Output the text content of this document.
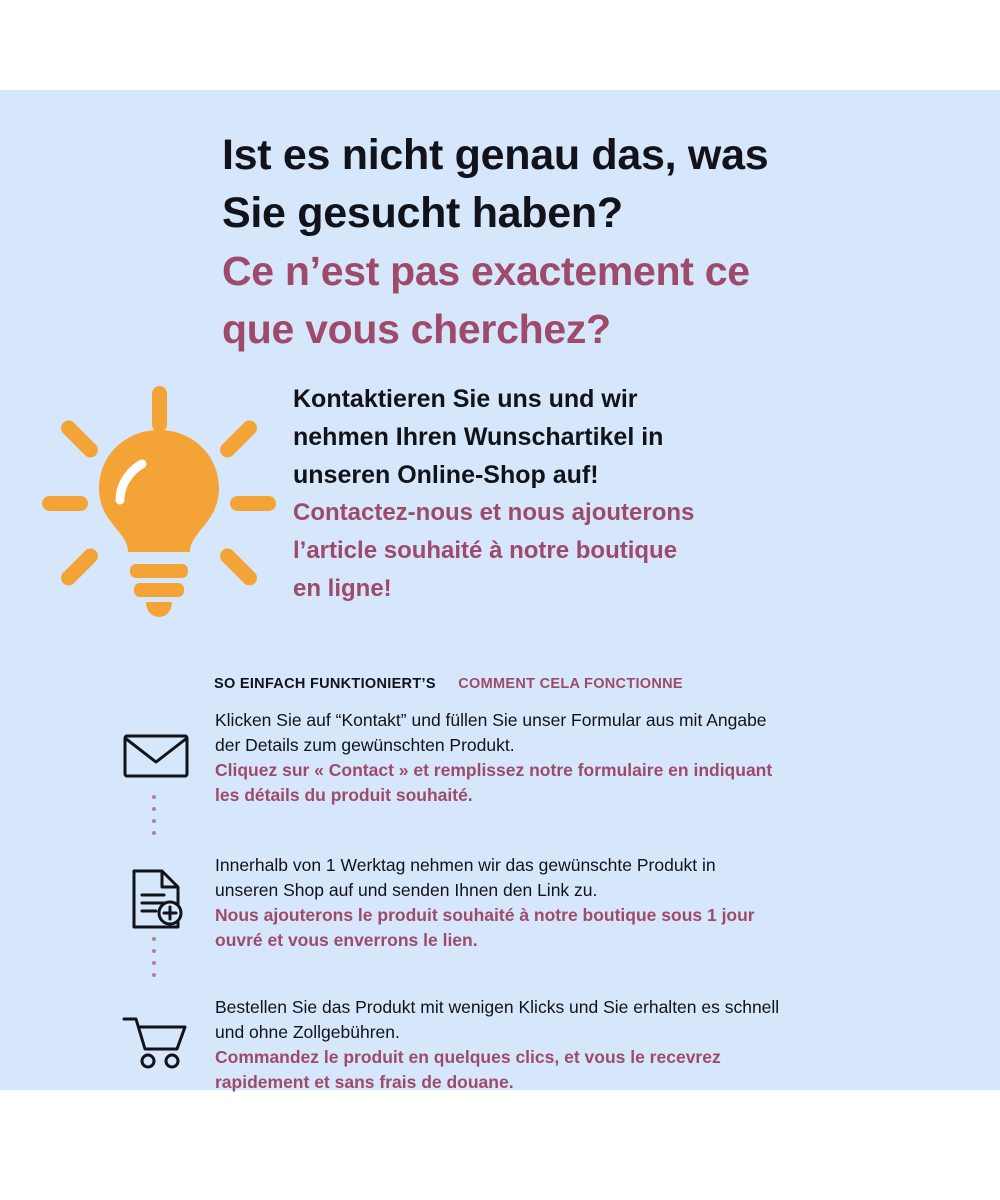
Ist es nicht genau das, was

Sie gesucht haben?

Ce n’est pas exactement ce

que vous cherchez?

Kontaktieren Sie uns und wir

nehmen Ihren Wunschartikel in

unseren Online-Shop auf!

Contactez-nous et nous ajouterons

l’article souhaité à notre boutique

en ligne!

SO EINFACH FUNKTIONIERT’S COMMENT CELA FONCTIONNE

Klicken Sie auf “Kontakt” und füllen Sie unser Formular aus mit Angabe

der Details zum gewünschten Produkt.

Cliquez sur « Contact » et remplissez notre formulaire en indiquant

les détails du produit souhaité.

Innerhalb von 1 Werktag nehmen wir das gewünschte Produkt in

unseren Shop auf und senden Ihnen den Link zu.

Nous ajouterons le produit souhaité à notre boutique sous 1 jour

ouvré et vous enverrons le lien.

Bestellen Sie das Produkt mit wenigen Klicks und Sie erhalten es schnell

und ohne Zollgebühren.

Commandez le produit en quelques clics, et vous le recevrez

rapidement et sans frais de douane.
